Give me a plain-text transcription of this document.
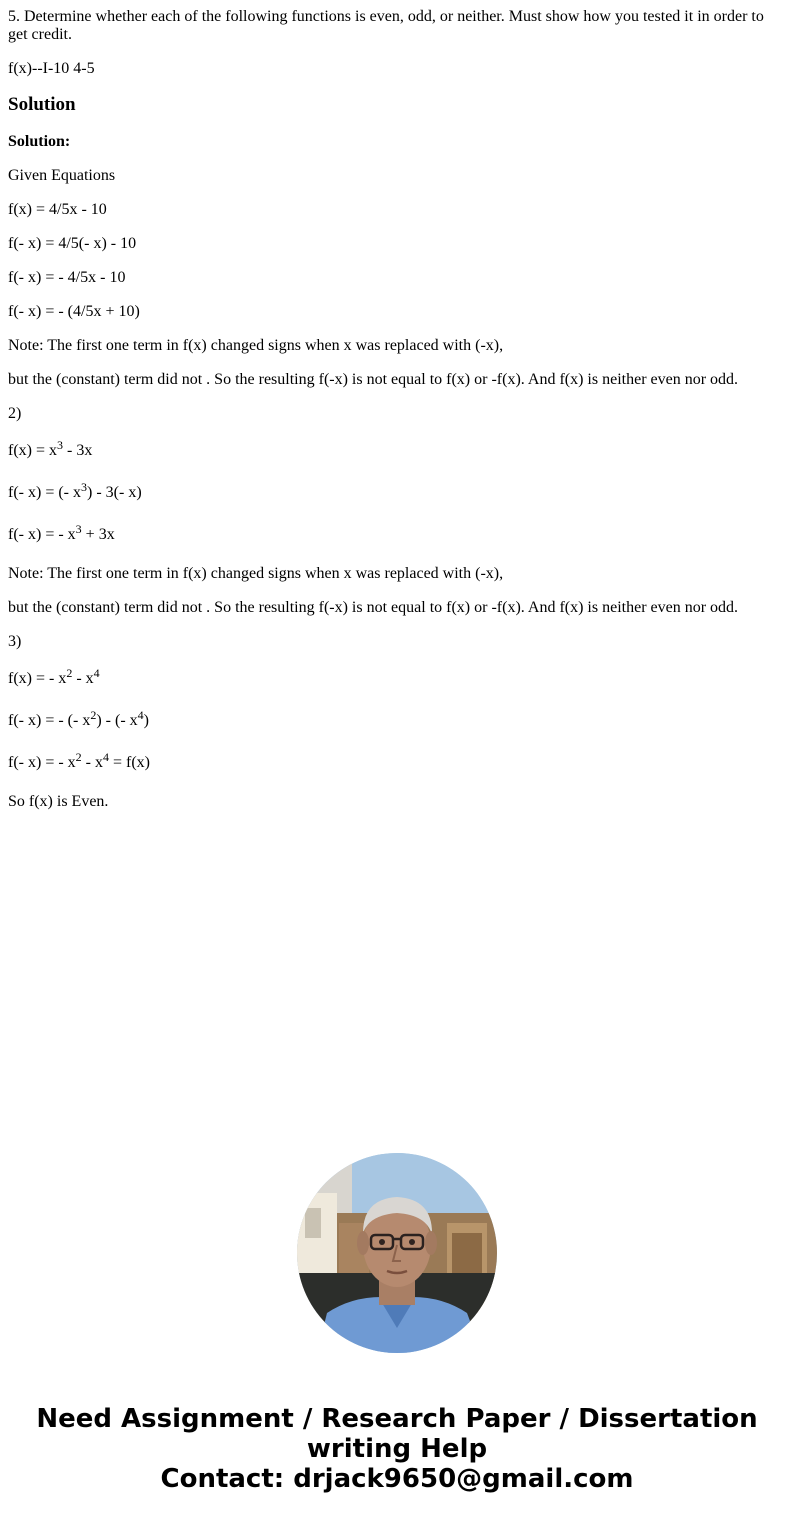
5. Determine whether each of the following functions is even, odd, or neither. Must show how you tested it in order to get credit.
f(x)--I-10 4-5
Solution
Solution:
Given Equations
f(x) = 4/5x - 10
f(- x) = 4/5(- x) - 10
f(- x) = - 4/5x - 10
f(- x) = - (4/5x + 10)
Note: The first one term in f(x) changed signs when x was replaced with (-x),
but the (constant) term did not . So the resulting f(-x) is not equal to f(x) or -f(x). And f(x) is neither even nor odd.
2)
$f(x) = x^3 - 3x$
f(- x) = (- $x^3) - 3(-$ x)
f(- x) = - $x^3 + 3x$
Note: The first one term in f(x) changed signs when x was replaced with (-x),
but the (constant) term did not . So the resulting f(-x) is not equal to f(x) or -f(x). And f(x) is neither even nor odd.
3)
f(x) = - $x^2 - x^4$
f(- x) = - (- $x^2$) - (- $x^4$)
f(- x) = - $x^2 - x^4 = f(x)$
So f(x) is Even.
Need Assignment / Research Paper / Dissertation
writing Help
Contact: drjack9650@gmail.com
